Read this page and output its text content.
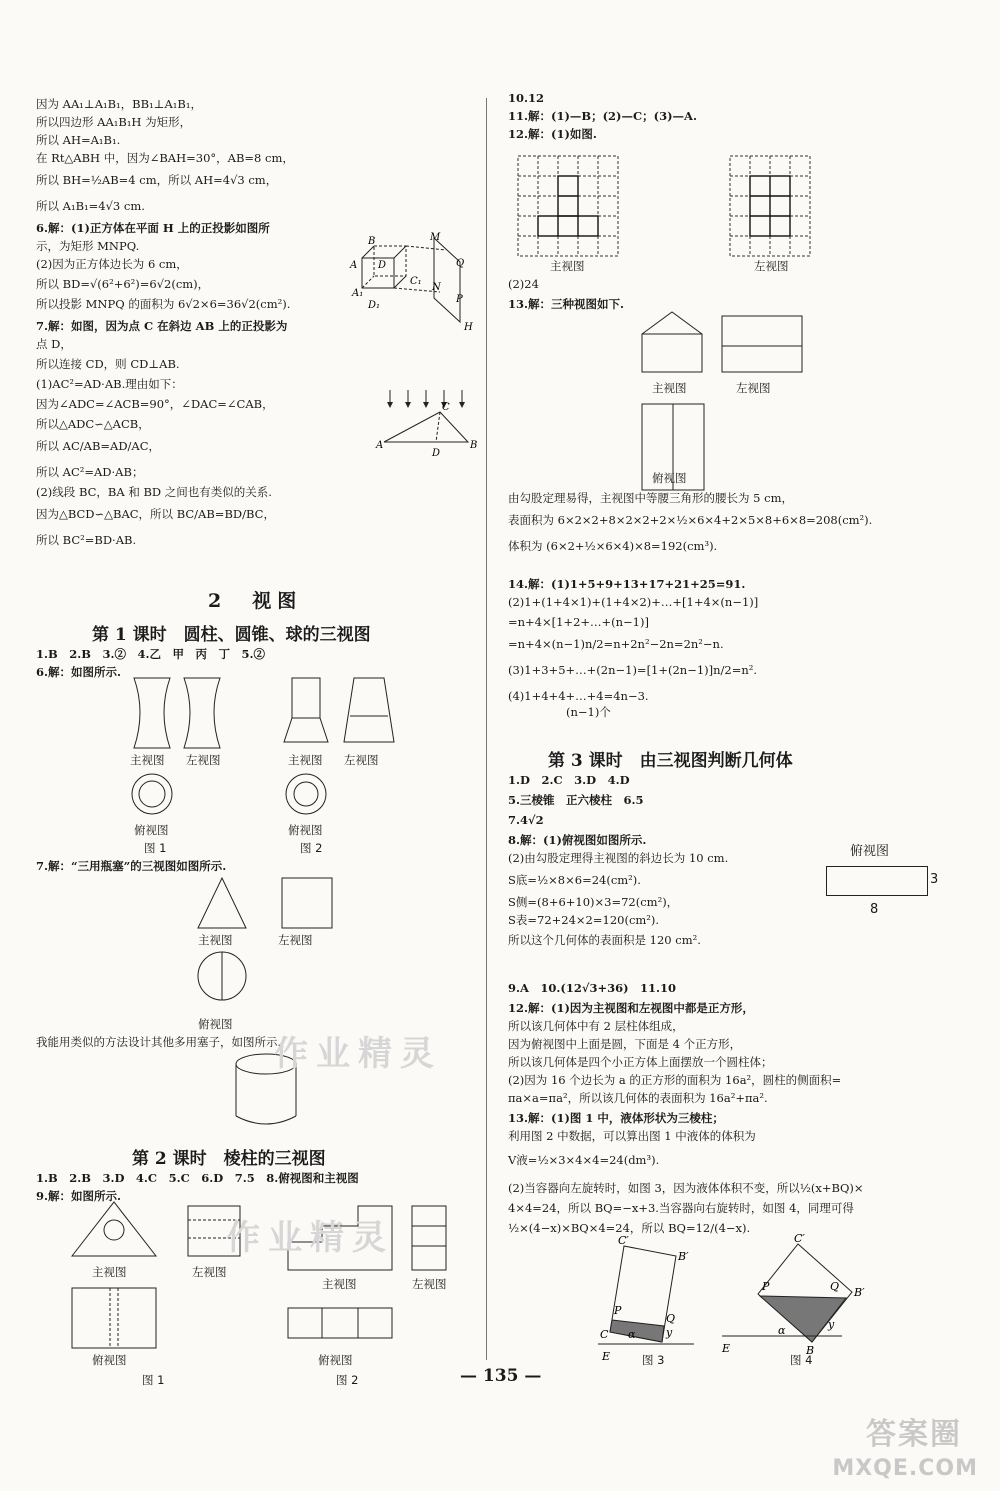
因为 AA₁⊥A₁B₁，BB₁⊥A₁B₁，
所以四边形 AA₁B₁H 为矩形，
所以 AH=A₁B₁.
在 Rt△ABH 中，因为∠BAH=30°，AB=8 cm，
所以 BH=½AB=4 cm，所以 AH=4√3 cm，
所以 A₁B₁=4√3 cm.
6.解：(1)正方体在平面 H 上的正投影如图所
示，为矩形 MNPQ.
(2)因为正方体边长为 6 cm，
所以 BD=√(6²+6²)=6√2(cm)，
所以投影 MNPQ 的面积为 6√2×6=36√2(cm²).
7.解：如图，因为点 C 在斜边 AB 上的正投影为
点 D，
所以连接 CD，则 CD⊥AB.
(1)AC²=AD·AB.理由如下：
因为∠ADC=∠ACB=90°，∠DAC=∠CAB，
所以△ADC∽△ACB，
所以 AC/AB=AD/AC，
所以 AC²=AD·AB；
(2)线段 BC，BA 和 BD 之间也有类似的关系.
因为△BCD∽△BAC，所以 BC/AB=BD/BC，
所以 BC²=BD·AB.
A
B
D
A₁
D₁
C₁
M
Q
N
P
H
A
C
B
D
2　视图
第 1 课时　圆柱、圆锥、球的三视图
1.B　2.B　3.②　4.乙　甲　丙　丁　5.②
6.解：如图所示.
主视图 左视图
俯视图
主视图 左视图
俯视图
图 1	图 2
7.解：“三用瓶塞”的三视图如图所示.
主视图	左视图
俯视图
我能用类似的方法设计其他多用塞子，如图所示.
作业精灵
第 2 课时　棱柱的三视图
1.B　2.B　3.D　4.C　5.C　6.D　7.5　8.俯视图和主视图
9.解：如图所示.
主视图	左视图
俯视图
主视图	左视图
俯视图
图 1	图 2
作业精灵
10.12
11.解：(1)—B；(2)—C；(3)—A.
12.解：(1)如图.
主视图	左视图
(2)24
13.解：三种视图如下.
主视图	左视图
俯视图
由勾股定理易得，主视图中等腰三角形的腰长为 5 cm，
表面积为 6×2×2+8×2×2+2×½×6×4+2×5×8+6×8=208(cm²).
体积为 (6×2+½×6×4)×8=192(cm³).
14.解：(1)1+5+9+13+17+21+25=91.
(2)1+(1+4×1)+(1+4×2)+…+[1+4×(n−1)]
=n+4×[1+2+…+(n−1)]
=n+4×(n−1)n/2=n+2n²−2n=2n²−n.
(3)1+3+5+…+(2n−1)=[1+(2n−1)]n/2=n².
(4)1+4+4+…+4=4n−3.
(n−1)个
第 3 课时　由三视图判断几何体
1.D　2.C　3.D　4.D
5.三棱锥　正六棱柱　6.5
7.4√2
8.解：(1)俯视图如图所示.
(2)由勾股定理得主视图的斜边长为 10 cm.
S底=½×8×6=24(cm²).
S侧=(8+6+10)×3=72(cm²)，
S表=72+24×2=120(cm²).
所以这个几何体的表面积是 120 cm².
俯视图
3
8
9.A　10.(12√3+36)　11.10
12.解：(1)因为主视图和左视图中都是正方形，
所以该几何体中有 2 层柱体组成，
因为俯视图中上面是圆，下面是 4 个正方形，
所以该几何体是四个小正方体上面摆放一个圆柱体；
(2)因为 16 个边长为 a 的正方形的面积为 16a²，圆柱的侧面积=
πa×a=πa²，所以该几何体的表面积为 16a²+πa².
13.解：(1)图 1 中，液体形状为三棱柱；
利用图 2 中数据，可以算出图 1 中液体的体积为
V液=½×3×4×4=24(dm³).
(2)当容器向左旋转时，如图 3，因为液体体积不变，所以½(x+BQ)×
4×4=24，所以 BQ=−x+3.当容器向右旋转时，如图 4，同理可得
½×(4−x)×BQ×4=24，所以 BQ=12/(4−x).
C′
B′
P
Q
C α	y
E
C′
B′
P	Q
α	y
B
E
图 3	图 4
— 135 —
答案圈
MXQE.COM
